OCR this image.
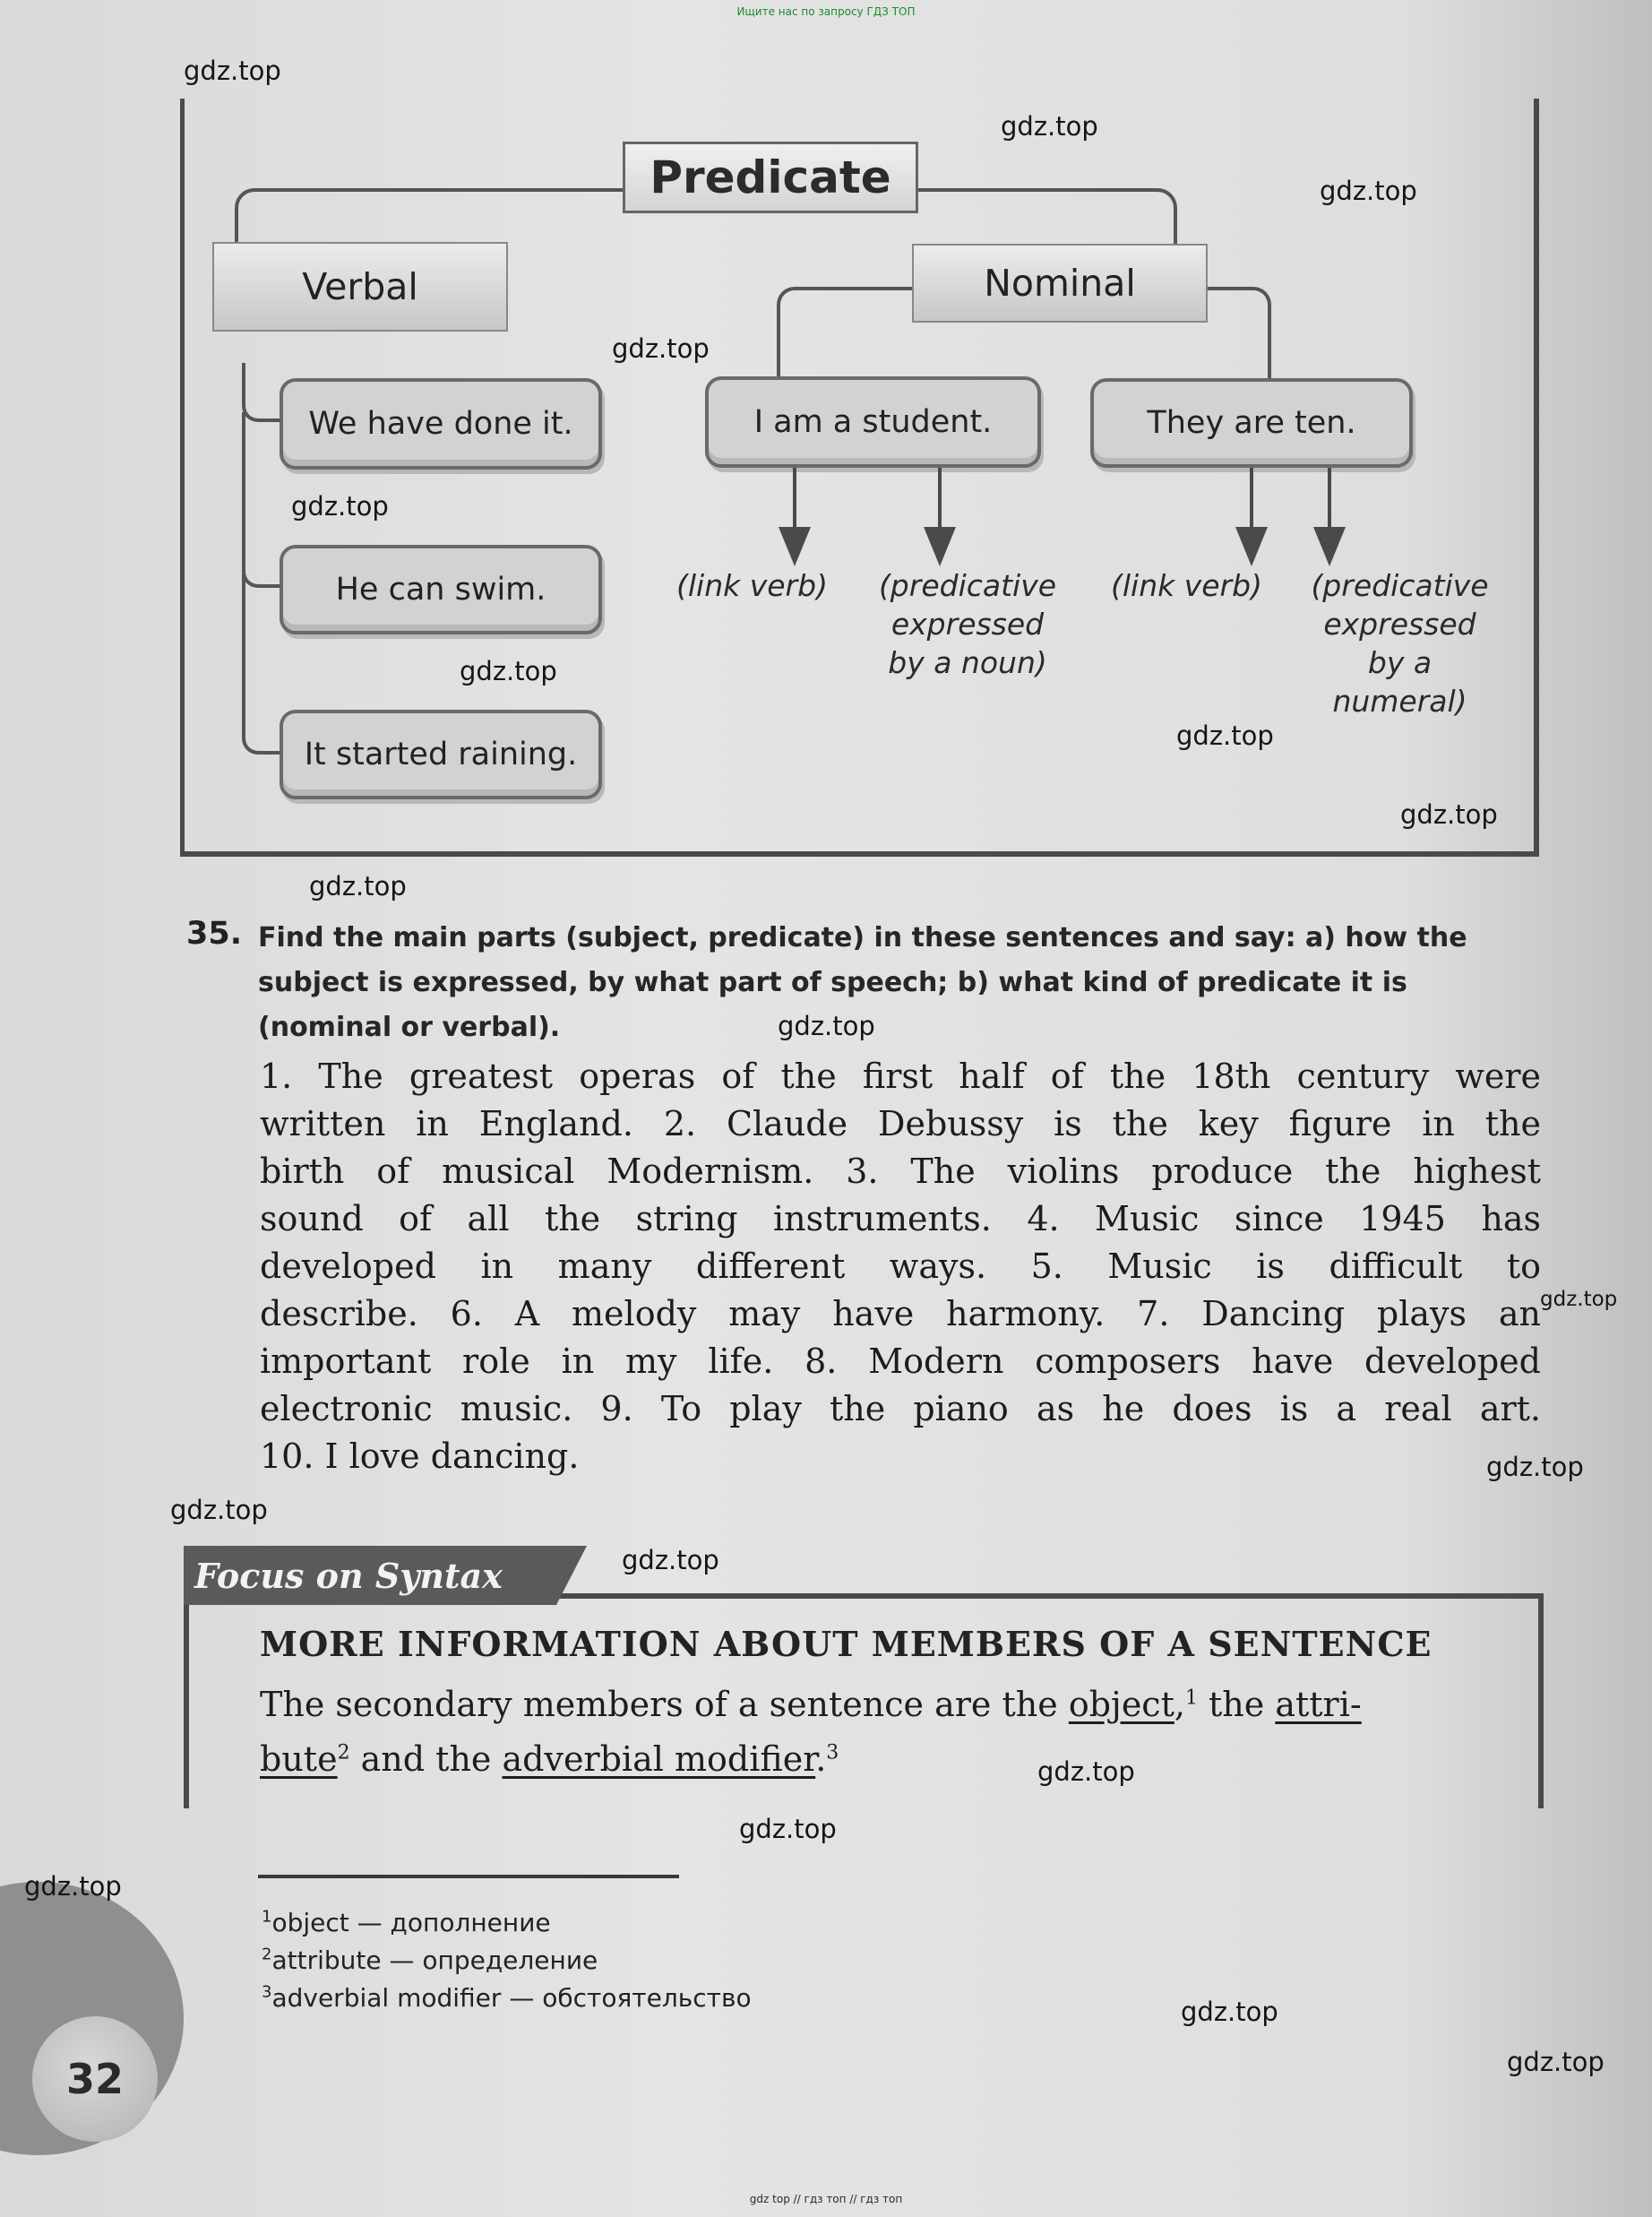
Ищите нас по запросу ГДЗ ТОП
Predicate
Verbal	Nominal
We have done it.
He can swim.
It started raining.
I am a student.	They are ten.
(link verb)	(predicative
expressed
by a noun)
(link verb)	(predicative
expressed
by a
numeral)
35. Find the main parts (subject, predicate) in these sentences and say: a) how the subject is expressed, by what part of speech; b) what kind of predicate it is (nominal or verbal).
1. The greatest operas of the first half of the 18th century were
written in England. 2. Claude Debussy is the key figure in the
birth of musical Modernism. 3. The violins produce the highest
sound of all the string instruments. 4. Music since 1945 has
developed in many different ways. 5. Music is difficult to
describe. 6. A melody may have harmony. 7. Dancing plays an
important role in my life. 8. Modern composers have developed
electronic music. 9. To play the piano as he does is a real art.
10. I love dancing.
Focus on Syntax
MORE INFORMATION ABOUT MEMBERS OF A SENTENCE
The secondary members of a sentence are the object,$^1$ the attri-
bute$^2$ and the adverbial modifier.$^3$
$^1$object — дополнение
$^2$attribute — определение
$^3$adverbial modifier — обстоятельство
32
gdz.top
gdz.top
gdz.top
gdz.top
gdz.top
gdz.top
gdz.top
gdz.top
gdz.top
gdz.top
gdz.top
gdz.top
gdz.top
gdz.top
gdz.top
gdz.top
gdz.top
gdz.top
gdz.top
gdz top // гдз топ // гдз топ
